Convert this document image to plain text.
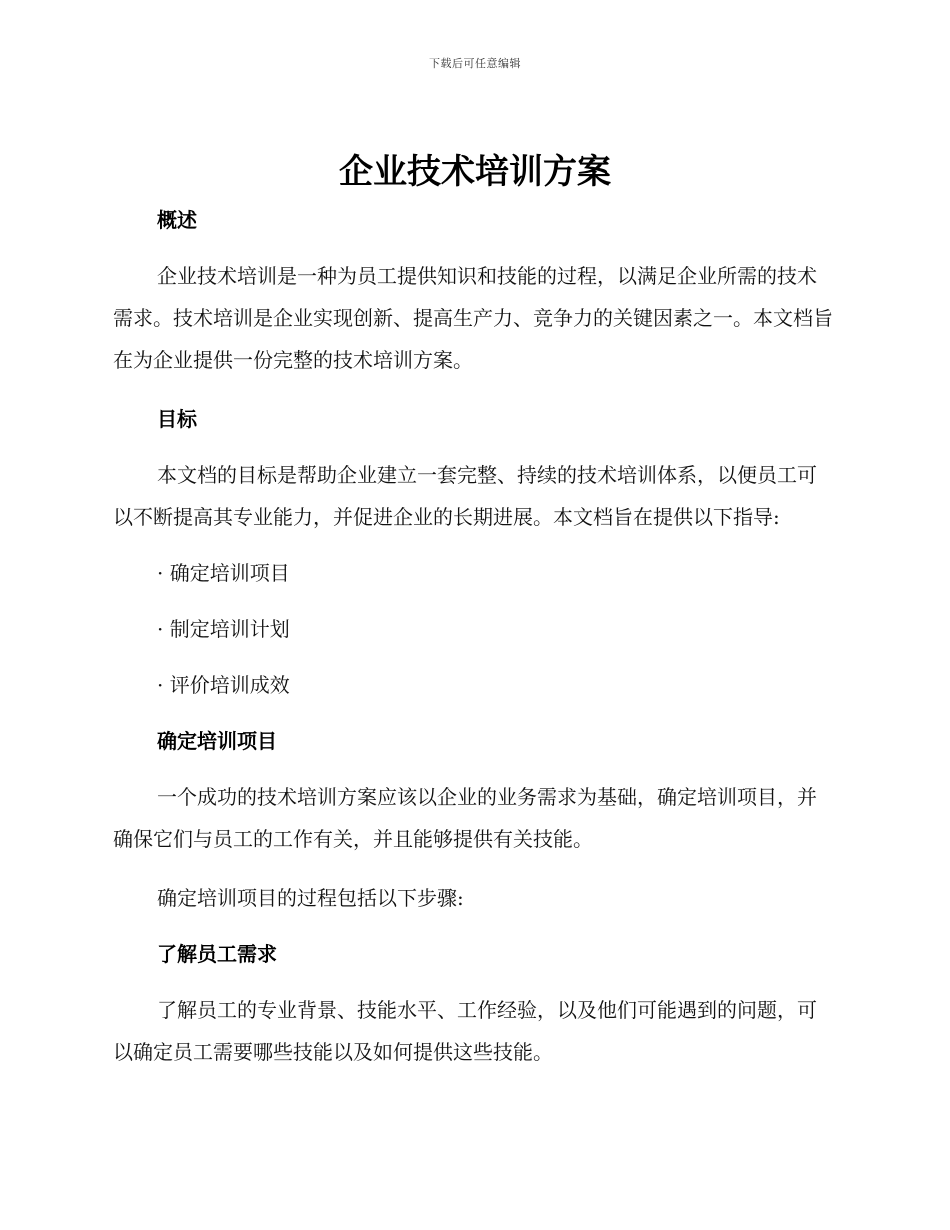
下载后可任意编辑
企业技术培训方案
概述

企业技术培训是一种为员工提供知识和技能的过程，以满足企业所需的技术需求。技术培训是企业实现创新、提高生产力、竞争力的关键因素之一。本文档旨在为企业提供一份完整的技术培训方案。

目标

本文档的目标是帮助企业建立一套完整、持续的技术培训体系，以便员工可以不断提高其专业能力，并促进企业的长期进展。本文档旨在提供以下指导:

· 确定培训项目
· 制定培训计划
· 评价培训成效
确定培训项目

一个成功的技术培训方案应该以企业的业务需求为基础，确定培训项目，并确保它们与员工的工作有关，并且能够提供有关技能。

确定培训项目的过程包括以下步骤:

了解员工需求

了解员工的专业背景、技能水平、工作经验，以及他们可能遇到的问题，可以确定员工需要哪些技能以及如何提供这些技能。
